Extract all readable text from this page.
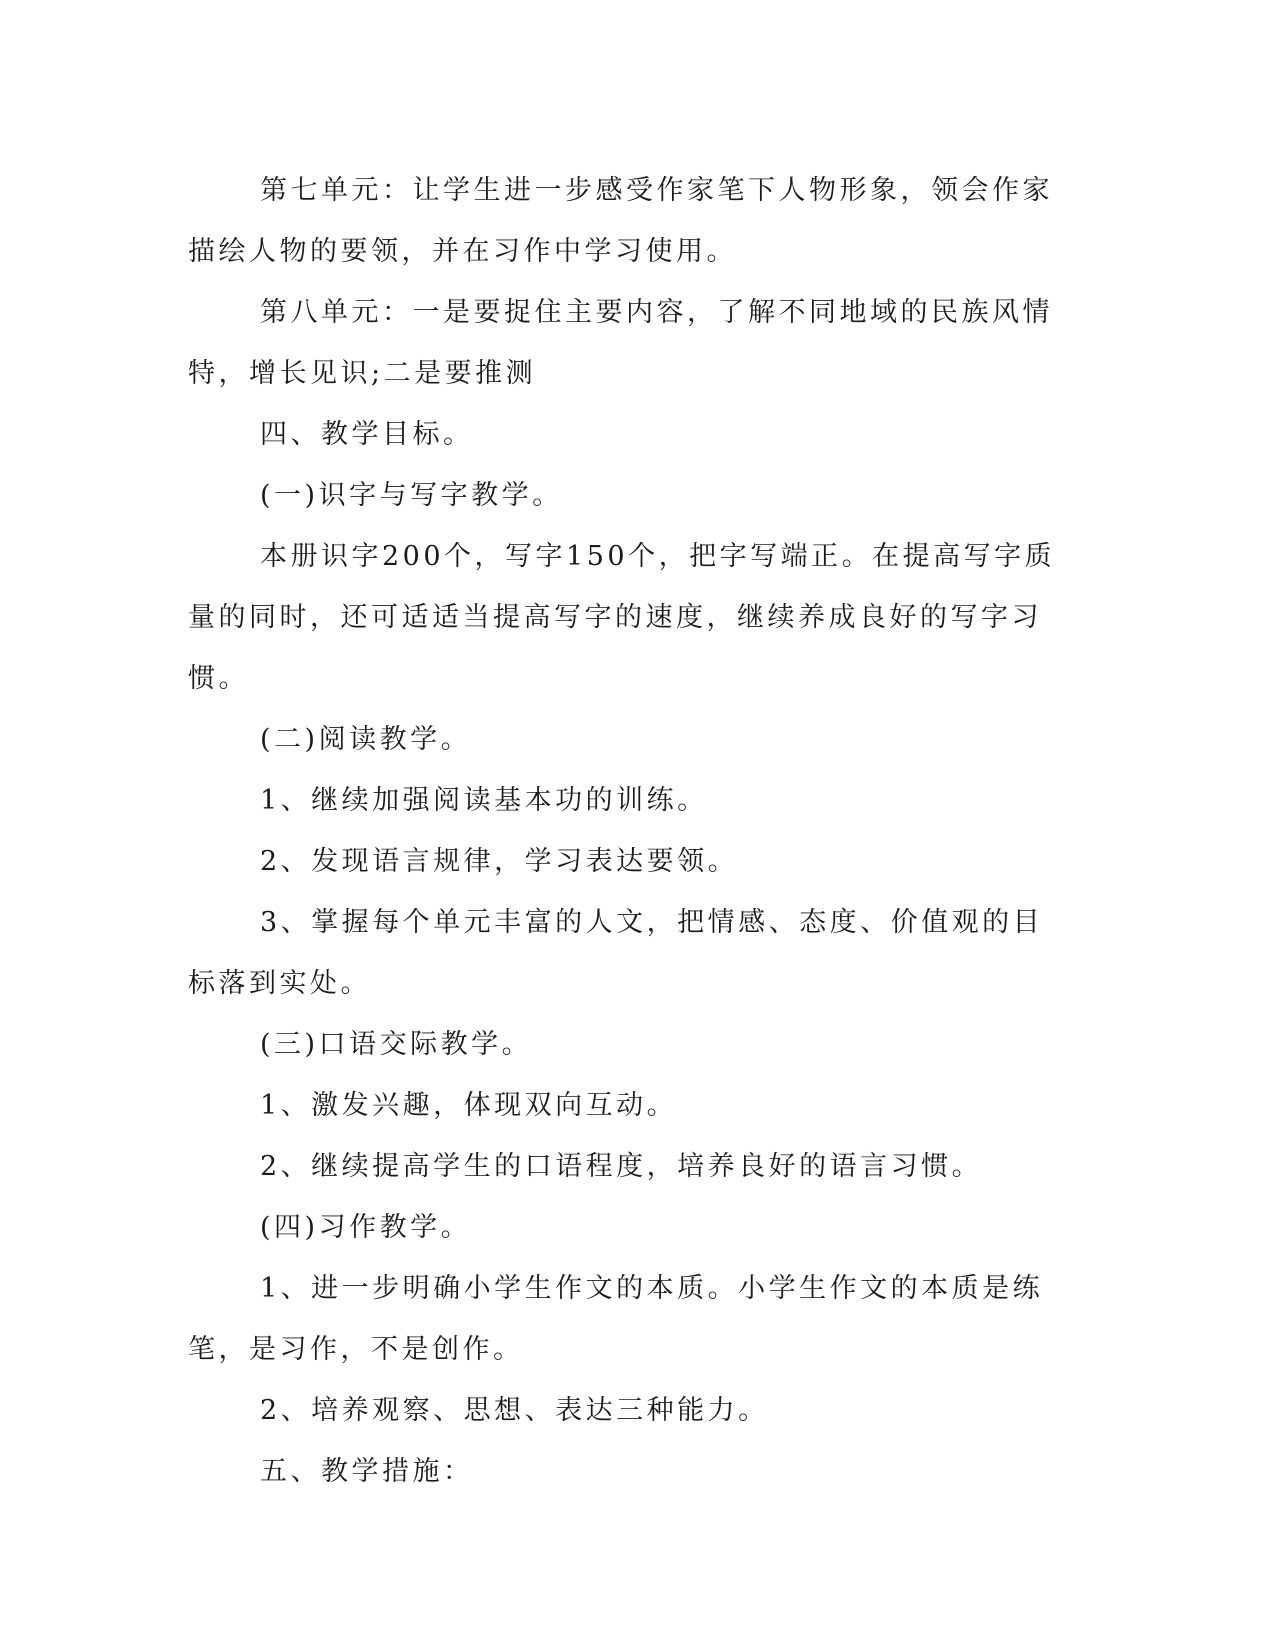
第七单元：让学生进一步感受作家笔下人物形象，领会作家描绘人物的要领，并在习作中学习使用。

第八单元：一是要捉住主要内容，了解不同地域的民族风情特，增长见识;二是要推测

四、教学目标。

(一)识字与写字教学。

本册识字200个，写字150个，把字写端正。在提高写字质量的同时，还可适适当提高写字的速度，继续养成良好的写字习惯。

(二)阅读教学。

1、继续加强阅读基本功的训练。

2、发现语言规律，学习表达要领。

3、掌握每个单元丰富的人文，把情感、态度、价值观的目标落到实处。

(三)口语交际教学。

1、激发兴趣，体现双向互动。

2、继续提高学生的口语程度，培养良好的语言习惯。

(四)习作教学。

1、进一步明确小学生作文的本质。小学生作文的本质是练笔，是习作，不是创作。

2、培养观察、思想、表达三种能力。

五、教学措施：
